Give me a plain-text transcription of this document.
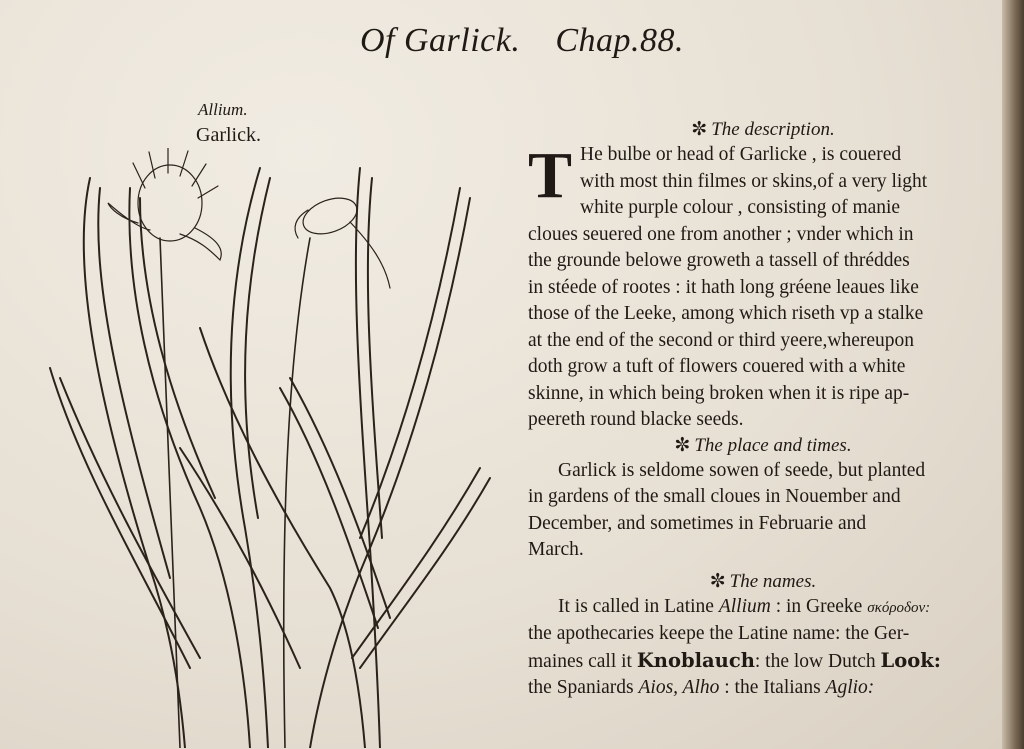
Of Garlick. Chap.88.
Allium.
Garlick.	✼ The description.

T He bulbe or head of Garlicke , is couered
with most thin filmes or skins,of a very light
white purple colour , consisting of manie
cloues seuered one from another ; vnder which in
the grounde belowe groweth a tassell of thréddes
in stéede of rootes : it hath long gréene leaues like
those of the Leeke, among which riseth vp a stalke
at the end of the second or third yeere,whereupon
doth grow a tuft of flowers couered with a white
skinne, in which being broken when it is ripe ap-
peereth round blacke seeds.

✼ The place and times.

Garlick is seldome sowen of seede, but planted
in gardens of the small cloues in Nouember and
December, and sometimes in Februarie and
March.

✼ The names.

It is called in Latine Allium : in Greeke σκόροδον:
the apothecaries keepe the Latine name: the Ger-
maines call it Knoblauch: the low Dutch Look:
the Spaniards Aios, Alho : the Italians Aglio:
